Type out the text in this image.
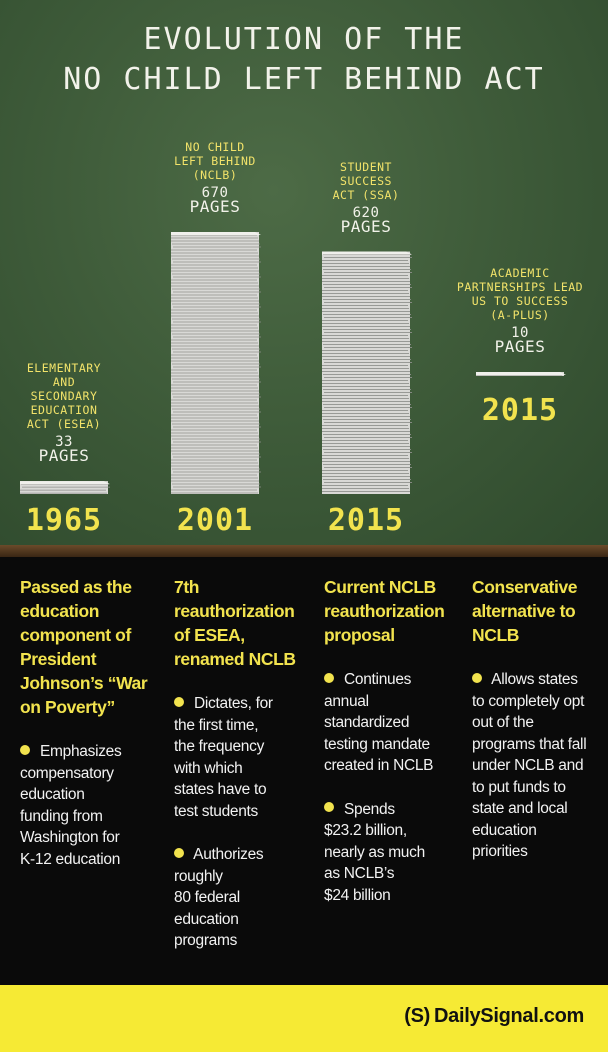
EVOLUTION OF THE
NO CHILD LEFT BEHIND ACT
ELEMENTARY
AND
SECONDARY
EDUCATION
ACT (ESEA)
33
PAGES
1965
NO CHILD
LEFT BEHIND
(NCLB)
670
PAGES
2001
STUDENT
SUCCESS
ACT (SSA)
620
PAGES
2015
ACADEMIC
PARTNERSHIPS LEAD
US TO SUCCESS
(A-PLUS)
10
PAGES
2015
Passed as the
education
component of
President
Johnson’s “War
on Poverty”
Emphasizes
compensatory
education
funding from
Washington for
K-12 education
7th
reauthorization
of ESEA,
renamed NCLB
Dictates, for
the first time,
the frequency
with which
states have to
test students
Authorizes
roughly
80 federal
education
programs
Current NCLB
reauthorization
proposal
Continues
annual
standardized
testing mandate
created in NCLB
Spends
$23.2 billion,
nearly as much
as NCLB’s
$24 billion
Conservative
alternative to
NCLB
Allows states
to completely opt
out of the
programs that fall
under NCLB and
to put funds to
state and local
education
priorities
(S) DailySignal.com
